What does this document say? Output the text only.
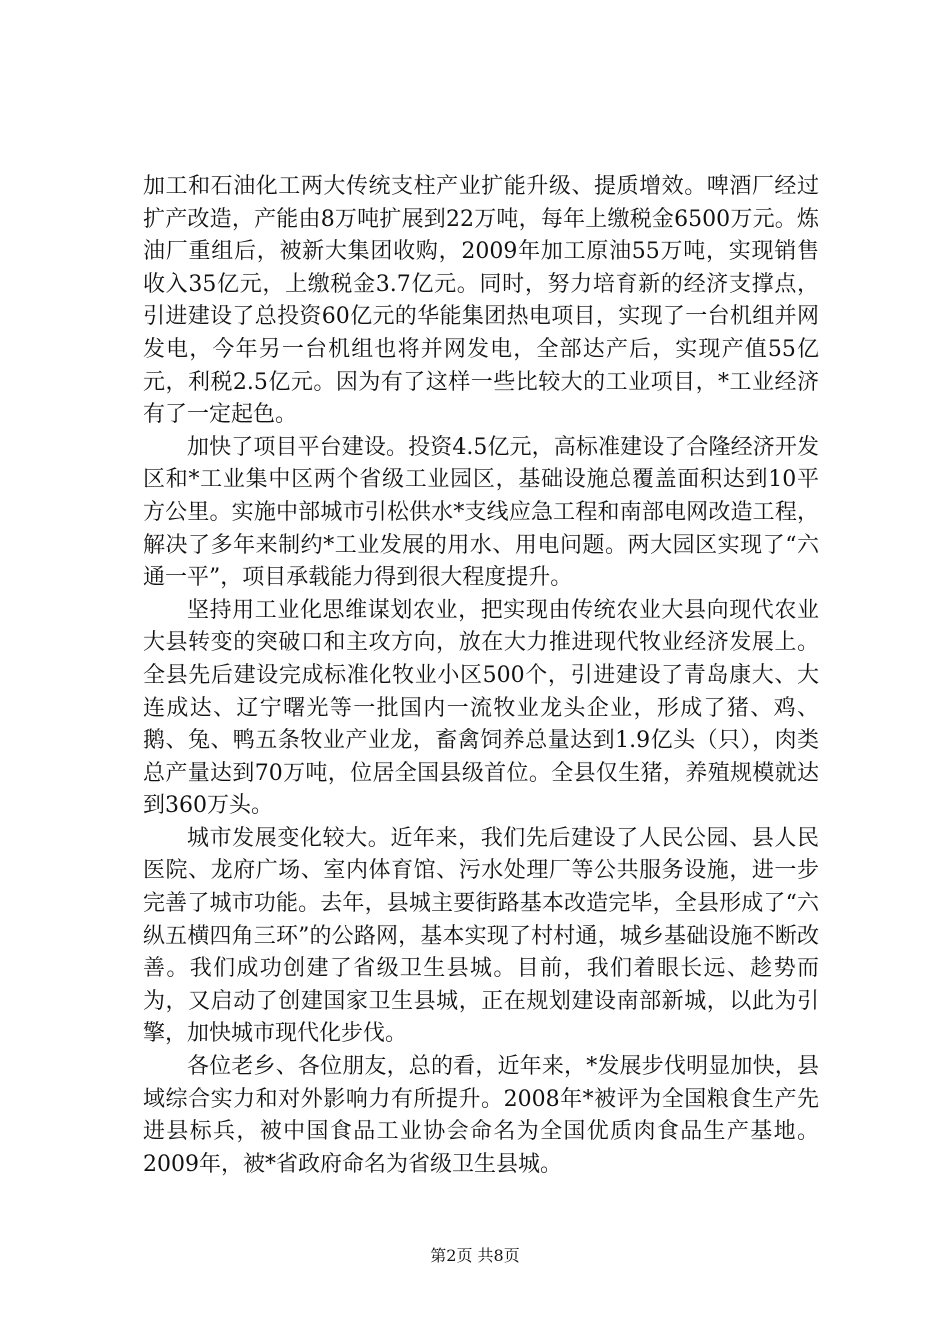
加工和石油化工两大传统支柱产业扩能升级、提质增效。啤酒厂经过扩产改造，产能由8万吨扩展到22万吨，每年上缴税金6500万元。炼油厂重组后，被新大集团收购，2009年加工原油55万吨，实现销售收入35亿元，上缴税金3.7亿元。同时，努力培育新的经济支撑点，引进建设了总投资60亿元的华能集团热电项目，实现了一台机组并网发电，今年另一台机组也将并网发电，全部达产后，实现产值55亿元，利税2.5亿元。因为有了这样一些比较大的工业项目，*工业经济有了一定起色。

加快了项目平台建设。投资4.5亿元，高标准建设了合隆经济开发区和*工业集中区两个省级工业园区，基础设施总覆盖面积达到10平方公里。实施中部城市引松供水*支线应急工程和南部电网改造工程，解决了多年来制约*工业发展的用水、用电问题。两大园区实现了“六通一平”，项目承载能力得到很大程度提升。

坚持用工业化思维谋划农业，把实现由传统农业大县向现代农业大县转变的突破口和主攻方向，放在大力推进现代牧业经济发展上。全县先后建设完成标准化牧业小区500个，引进建设了青岛康大、大连成达、辽宁曙光等一批国内一流牧业龙头企业，形成了猪、鸡、鹅、兔、鸭五条牧业产业龙，畜禽饲养总量达到1.9亿头（只），肉类总产量达到70万吨，位居全国县级首位。全县仅生猪，养殖规模就达到360万头。

城市发展变化较大。近年来，我们先后建设了人民公园、县人民医院、龙府广场、室内体育馆、污水处理厂等公共服务设施，进一步完善了城市功能。去年，县城主要街路基本改造完毕，全县形成了“六纵五横四角三环”的公路网，基本实现了村村通，城乡基础设施不断改善。我们成功创建了省级卫生县城。目前，我们着眼长远、趁势而为，又启动了创建国家卫生县城，正在规划建设南部新城，以此为引擎，加快城市现代化步伐。

各位老乡、各位朋友，总的看，近年来，*发展步伐明显加快，县域综合实力和对外影响力有所提升。2008年*被评为全国粮食生产先进县标兵，被中国食品工业协会命名为全国优质肉食品生产基地。2009年，被*省政府命名为省级卫生县城。

第2页 共8页
